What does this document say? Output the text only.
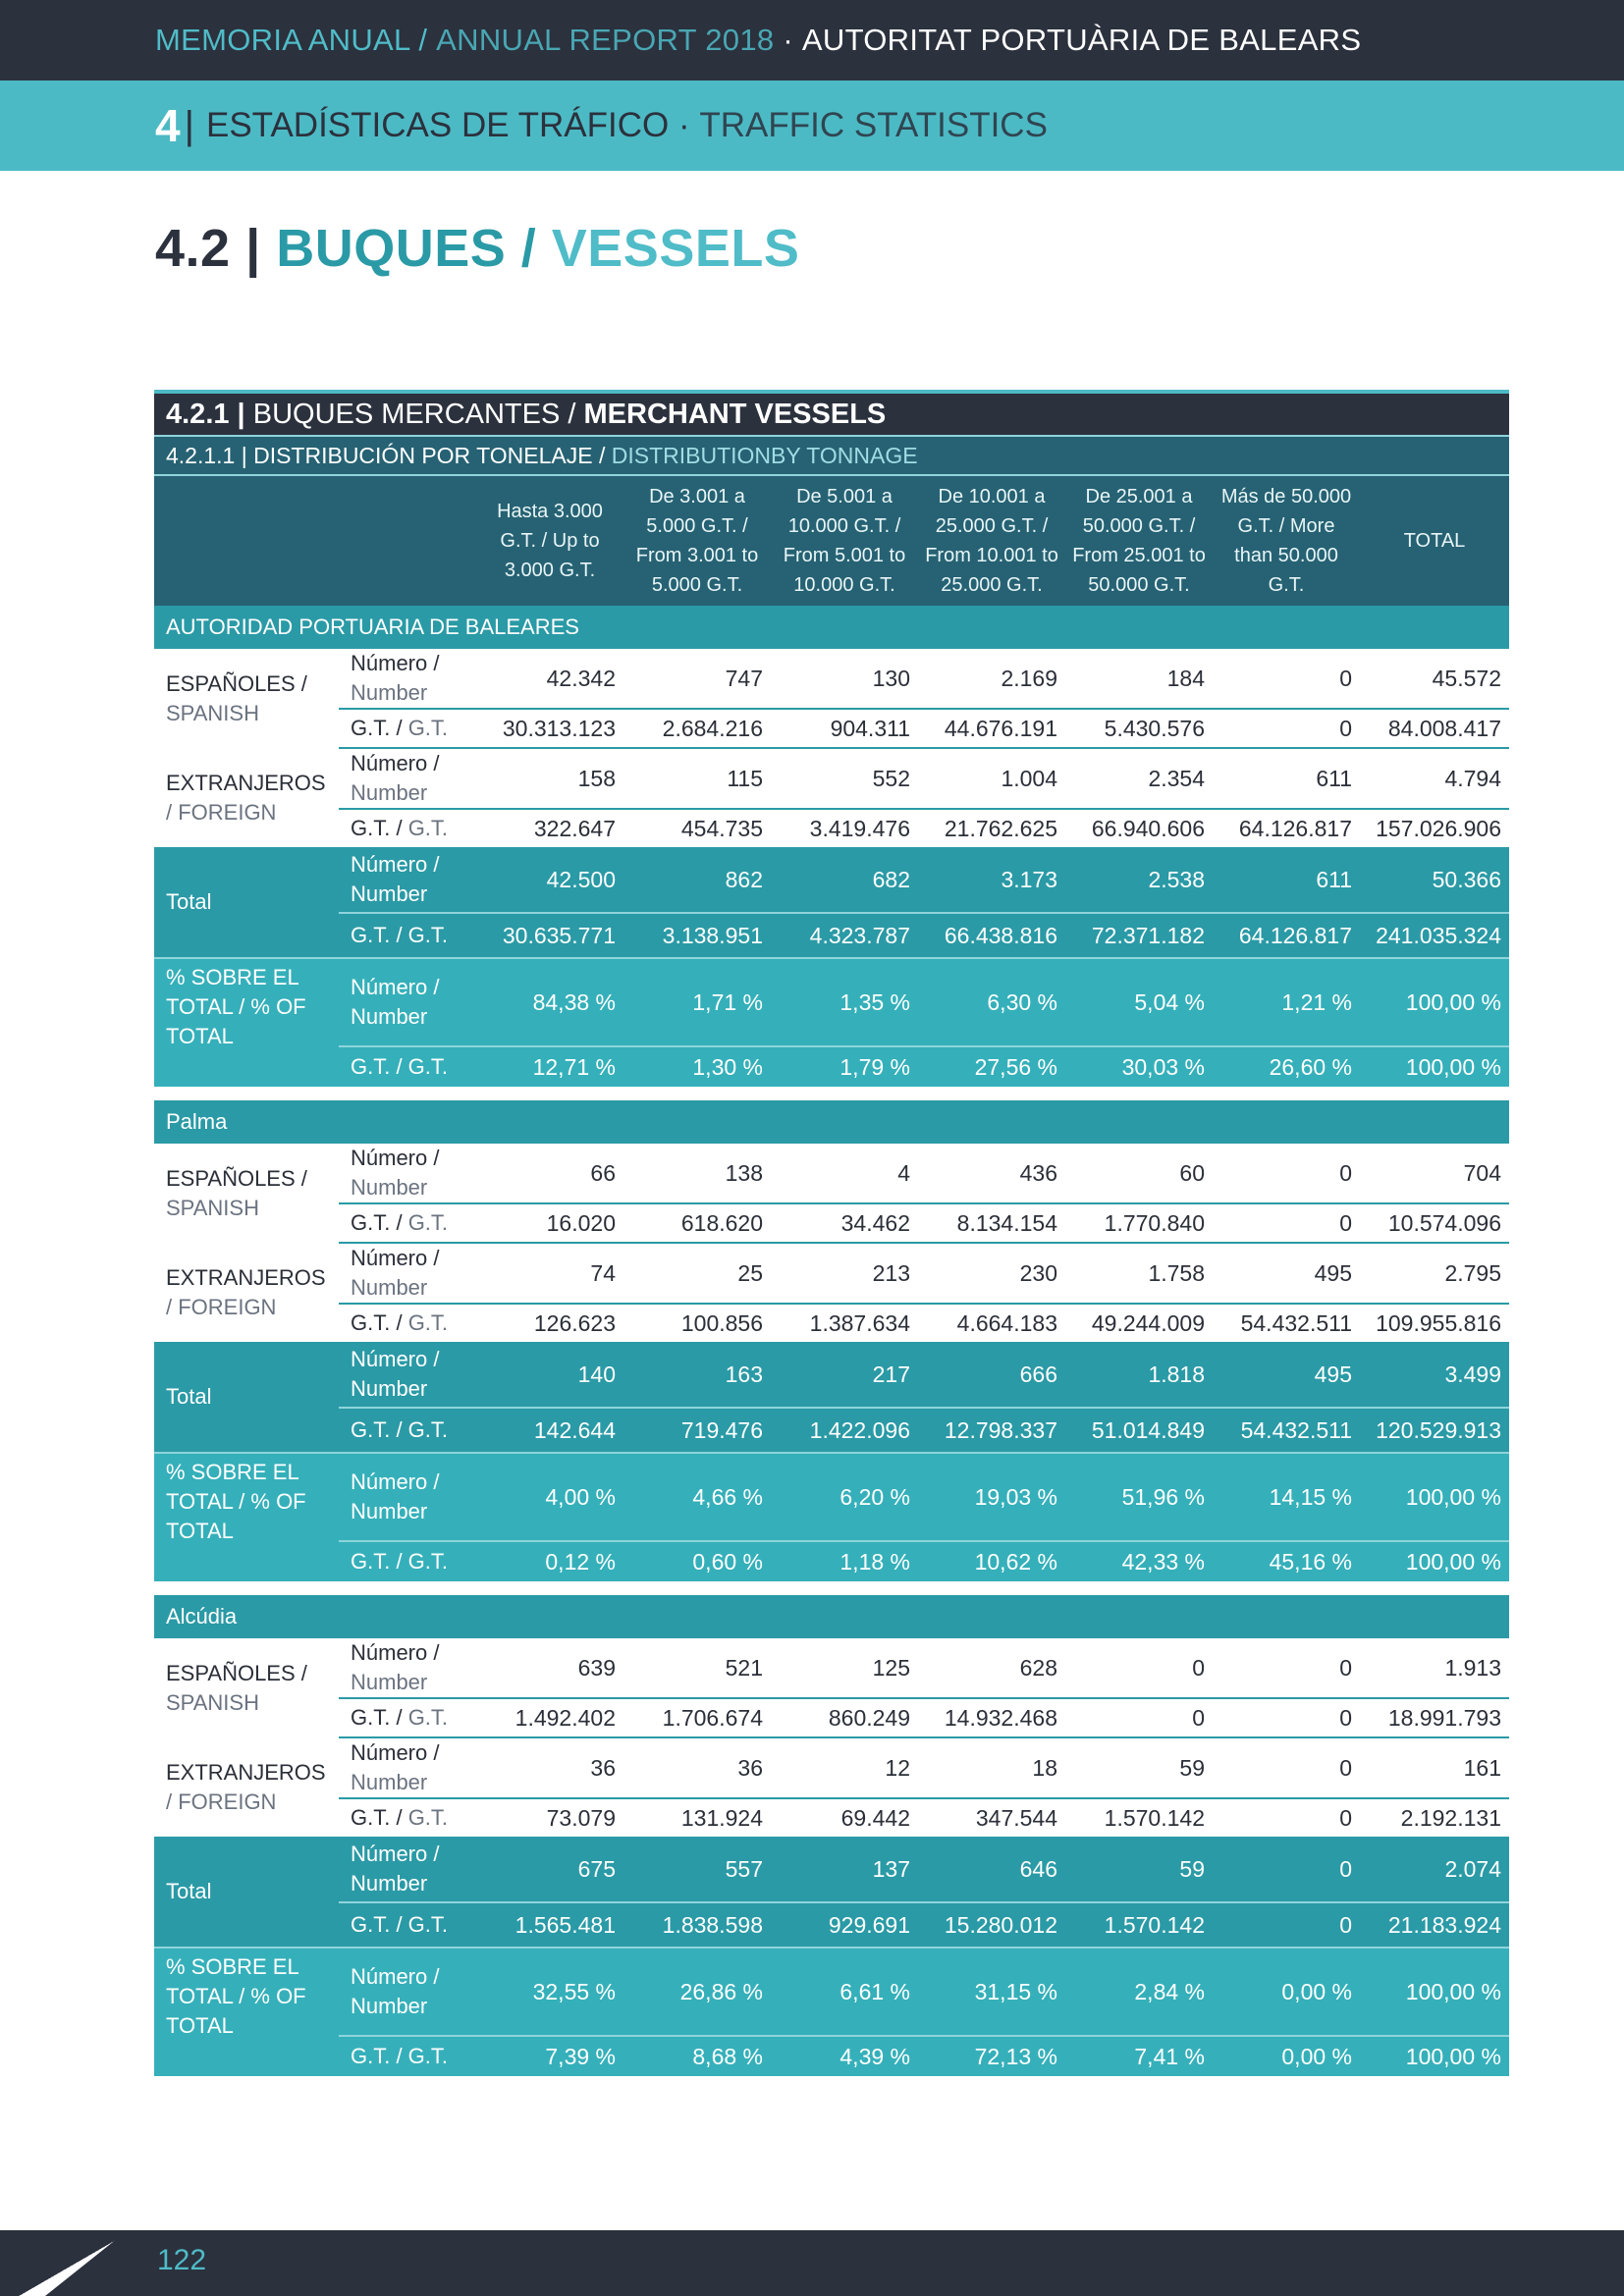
MEMORIA ANUAL /
ANNUAL REPORT 2018
·
AUTORITAT PORTUÀRIA DE BALEARS
4 | ESTADÍSTICAS DE TRÁFICO
·
TRAFFIC STATISTICS
4.2 | BUQUES / VESSELS
4.2.1 |
BUQUES MERCANTES /
MERCHANT VESSELS
4.2.1.1 |
DISTRIBUCIÓN POR TONELAJE /
DISTRIBUTIONBY TONNAGE
		Hasta 3.000 G.T. / Up to 3.000 G.T.	De 3.001 a 5.000 G.T. / From 3.001 to 5.000 G.T.	De 5.001 a 10.000 G.T. / From 5.001 to 10.000 G.T.	De 10.001 a 25.000 G.T. / From 10.001 to 25.000 G.T.	De 25.001 a 50.000 G.T. / From 25.001 to 50.000 G.T.	Más de 50.000 G.T. / More than 50.000 G.T.	TOTAL
AUTORIDAD PORTUARIA DE BALEARES								
ESPAÑOLES /
SPANISH	Número /
Number	42.342	747	130	2.169	184	0	45.572
	G.T. / G.T.	30.313.123	2.684.216	904.311	44.676.191	5.430.576	0	84.008.417
EXTRANJEROS
/ FOREIGN	Número /
Number	158	115	552	1.004	2.354	611	4.794
	G.T. / G.T.	322.647	454.735	3.419.476	21.762.625	66.940.606	64.126.817	157.026.906
Total	Número /
Number	42.500	862	682	3.173	2.538	611	50.366
	G.T. / G.T.	30.635.771	3.138.951	4.323.787	66.438.816	72.371.182	64.126.817	241.035.324
% SOBRE EL TOTAL / % OF TOTAL	Número /
Number	84,38 %	1,71 %	1,35 %	6,30 %	5,04 %	1,21 %	100,00 %
	G.T. / G.T.	12,71 %	1,30 %	1,79 %	27,56 %	30,03 %	26,60 %	100,00 %

Palma								
ESPAÑOLES /
SPANISH	Número /
Number	66	138	4	436	60	0	704
	G.T. / G.T.	16.020	618.620	34.462	8.134.154	1.770.840	0	10.574.096
EXTRANJEROS
/ FOREIGN	Número /
Number	74	25	213	230	1.758	495	2.795
	G.T. / G.T.	126.623	100.856	1.387.634	4.664.183	49.244.009	54.432.511	109.955.816
Total	Número /
Number	140	163	217	666	1.818	495	3.499
	G.T. / G.T.	142.644	719.476	1.422.096	12.798.337	51.014.849	54.432.511	120.529.913
% SOBRE EL TOTAL / % OF TOTAL	Número /
Number	4,00 %	4,66 %	6,20 %	19,03 %	51,96 %	14,15 %	100,00 %
	G.T. / G.T.	0,12 %	0,60 %	1,18 %	10,62 %	42,33 %	45,16 %	100,00 %

Alcúdia								
ESPAÑOLES /
SPANISH	Número /
Number	639	521	125	628	0	0	1.913
	G.T. / G.T.	1.492.402	1.706.674	860.249	14.932.468	0	0	18.991.793
EXTRANJEROS
/ FOREIGN	Número /
Number	36	36	12	18	59	0	161
	G.T. / G.T.	73.079	131.924	69.442	347.544	1.570.142	0	2.192.131
Total	Número /
Number	675	557	137	646	59	0	2.074
	G.T. / G.T.	1.565.481	1.838.598	929.691	15.280.012	1.570.142	0	21.183.924
% SOBRE EL TOTAL / % OF TOTAL	Número /
Number	32,55 %	26,86 %	6,61 %	31,15 %	2,84 %	0,00 %	100,00 %
	G.T. / G.T.	7,39 %	8,68 %	4,39 %	72,13 %	7,41 %	0,00 %	100,00 %
122
